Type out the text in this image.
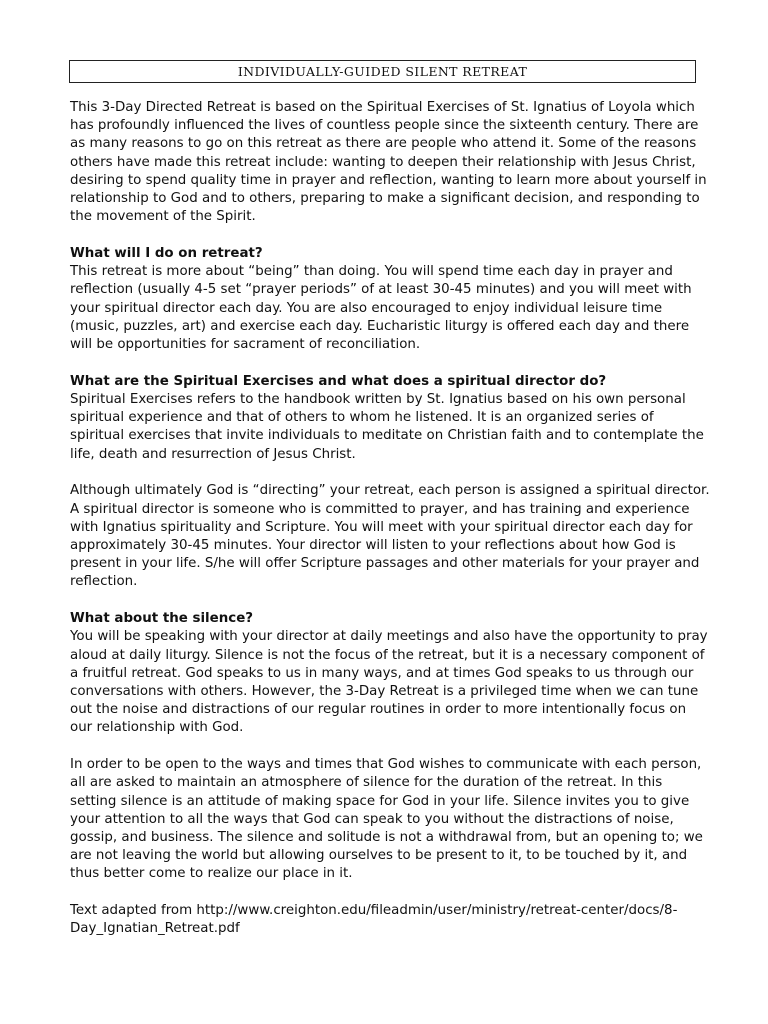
INDIVIDUALLY-GUIDED SILENT RETREAT

This 3-Day Directed Retreat is based on the Spiritual Exercises of St. Ignatius of Loyola which has profoundly influenced the lives of countless people since the sixteenth century. There are as many reasons to go on this retreat as there are people who attend it. Some of the reasons others have made this retreat include: wanting to deepen their relationship with Jesus Christ, desiring to spend quality time in prayer and reflection, wanting to learn more about yourself in relationship to God and to others, preparing to make a significant decision, and responding to the movement of the Spirit.

What will I do on retreat?
This retreat is more about “being” than doing. You will spend time each day in prayer and reflection (usually 4-5 set “prayer periods” of at least 30-45 minutes) and you will meet with your spiritual director each day. You are also encouraged to enjoy individual leisure time (music, puzzles, art) and exercise each day. Eucharistic liturgy is offered each day and there will be opportunities for sacrament of reconciliation.

What are the Spiritual Exercises and what does a spiritual director do?
Spiritual Exercises refers to the handbook written by St. Ignatius based on his own personal spiritual experience and that of others to whom he listened. It is an organized series of spiritual exercises that invite individuals to meditate on Christian faith and to contemplate the life, death and resurrection of Jesus Christ.

Although ultimately God is “directing” your retreat, each person is assigned a spiritual director. A spiritual director is someone who is committed to prayer, and has training and experience with Ignatius spirituality and Scripture. You will meet with your spiritual director each day for approximately 30-45 minutes. Your director will listen to your reflections about how God is present in your life. S/he will offer Scripture passages and other materials for your prayer and reflection.

What about the silence?
You will be speaking with your director at daily meetings and also have the opportunity to pray aloud at daily liturgy. Silence is not the focus of the retreat, but it is a necessary component of a fruitful retreat. God speaks to us in many ways, and at times God speaks to us through our conversations with others. However, the 3-Day Retreat is a privileged time when we can tune out the noise and distractions of our regular routines in order to more intentionally focus on our relationship with God.

In order to be open to the ways and times that God wishes to communicate with each person, all are asked to maintain an atmosphere of silence for the duration of the retreat. In this setting silence is an attitude of making space for God in your life. Silence invites you to give your attention to all the ways that God can speak to you without the distractions of noise, gossip, and business. The silence and solitude is not a withdrawal from, but an opening to; we are not leaving the world but allowing ourselves to be present to it, to be touched by it, and thus better come to realize our place in it.

Text adapted from http://www.creighton.edu/fileadmin/user/ministry/retreat-center/docs/8-Day_Ignatian_Retreat.pdf
